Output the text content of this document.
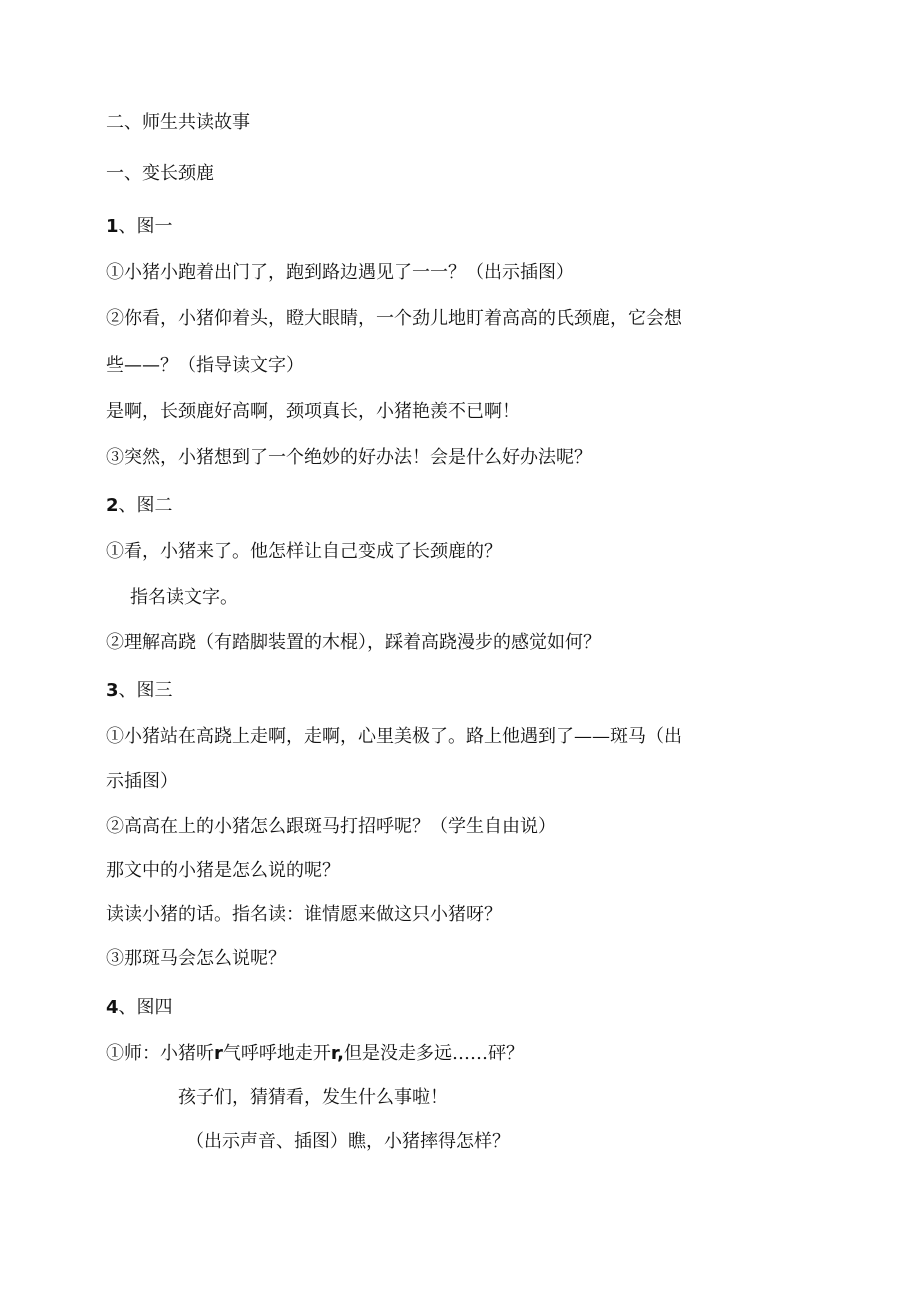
二、师生共读故事
一、变长颈鹿
1、图一
①小猪小跑着出门了，跑到路边遇见了一一？（出示插图）
②你看，小猪仰着头，瞪大眼睛，一个劲儿地盯着高高的氏颈鹿，它会想
些——？（指导读文字）
是啊，长颈鹿好高啊，颈项真长，小猪艳羡不已啊！
③突然，小猪想到了一个绝妙的好办法！会是什么好办法呢？
2、图二
①看，小猪来了。他怎样让自己变成了长颈鹿的？
指名读文字。
②理解高跷（有踏脚装置的木棍），踩着高跷漫步的感觉如何？
3、图三
①小猪站在高跷上走啊，走啊，心里美极了。路上他遇到了——斑马（出
示插图）
②高高在上的小猪怎么跟斑马打招呼呢？（学生自由说）
那文中的小猪是怎么说的呢？
读读小猪的话。指名读：谁情愿来做这只小猪呀？
③那斑马会怎么说呢？
4、图四
①师：小猪听r气呼呼地走开r,但是没走多远……砰？
孩子们，猜猜看，发生什么事啦！
（出示声音、插图）瞧，小猪摔得怎样？
